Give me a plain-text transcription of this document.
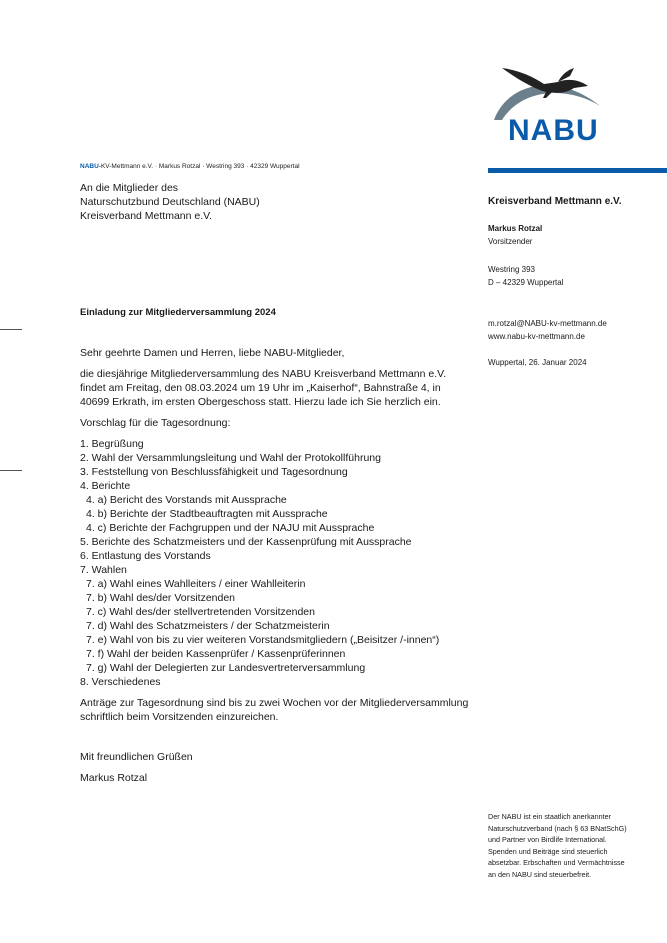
NABU
NABU-KV-Mettmann e.V. · Markus Rotzal · Westring 393 · 42329 Wuppertal
An die Mitglieder des
Naturschutzbund Deutschland (NABU)
Kreisverband Mettmann e.V.
Kreisverband Mettmann e.V.
Markus Rotzal
Vorsitzender
Westring 393
D – 42329 Wuppertal
m.rotzal@NABU-kv-mettmann.de
www.nabu-kv-mettmann.de
Wuppertal, 26. Januar 2024
Einladung zur Mitgliederversammlung 2024

Sehr geehrte Damen und Herren, liebe NABU-Mitglieder,

die diesjährige Mitgliederversammlung des NABU Kreisverband Mettmann e.V.
findet am Freitag, den 08.03.2024 um 19 Uhr im „Kaiserhof“, Bahnstraße 4, in
40699 Erkrath, im ersten Obergeschoss statt. Hierzu lade ich Sie herzlich ein.

Vorschlag für die Tagesordnung:

1. Begrüßung
2. Wahl der Versammlungsleitung und Wahl der Protokollführung
3. Feststellung von Beschlussfähigkeit und Tagesordnung
4. Berichte
4. a) Bericht des Vorstands mit Aussprache
4. b) Berichte der Stadtbeauftragten mit Aussprache
4. c) Berichte der Fachgruppen und der NAJU mit Aussprache
5. Berichte des Schatzmeisters und der Kassenprüfung mit Aussprache
6. Entlastung des Vorstands
7. Wahlen
7. a) Wahl eines Wahlleiters / einer Wahlleiterin
7. b) Wahl des/der Vorsitzenden
7. c) Wahl des/der stellvertretenden Vorsitzenden
7. d) Wahl des Schatzmeisters / der Schatzmeisterin
7. e) Wahl von bis zu vier weiteren Vorstandsmitgliedern („Beisitzer /-innen“)
7. f) Wahl der beiden Kassenprüfer / Kassenprüferinnen
7. g) Wahl der Delegierten zur Landesvertreterversammlung
8. Verschiedenes

Anträge zur Tagesordnung sind bis zu zwei Wochen vor der Mitgliederversammlung
schriftlich beim Vorsitzenden einzureichen.

Mit freundlichen Grüßen

Markus Rotzal

Der NABU ist ein staatlich anerkannter
Naturschutzverband (nach § 63 BNatSchG)
und Partner von Birdlife International.
Spenden und Beiträge sind steuerlich
absetzbar. Erbschaften und Vermächtnisse
an den NABU sind steuerbefreit.
